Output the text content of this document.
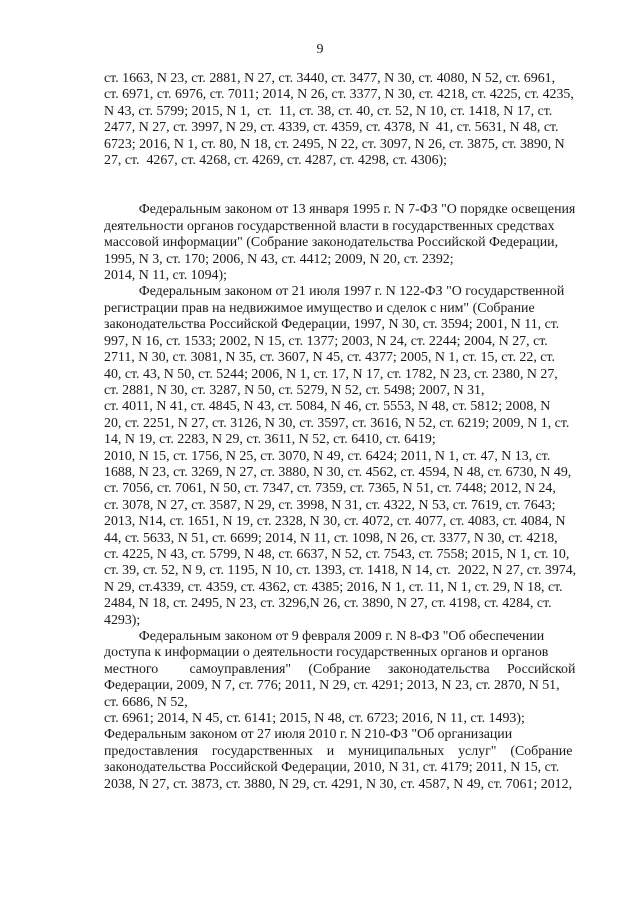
9
ст. 1663, N 23, ст. 2881, N 27, ст. 3440, ст. 3477, N 30, ст. 4080, N 52, ст. 6961,
ст. 6971, ст. 6976, ст. 7011; 2014, N 26, ст. 3377, N 30, ст. 4218, ст. 4225, ст. 4235,
N 43, ст. 5799; 2015, N 1,  ст.  11, ст. 38, ст. 40, ст. 52, N 10, ст. 1418, N 17, ст.
2477, N 27, ст. 3997, N 29, ст. 4339, ст. 4359, ст. 4378, N  41, ст. 5631, N 48, ст.
6723; 2016, N 1, ст. 80, N 18, ст. 2495, N 22, ст. 3097, N 26, ст. 3875, ст. 3890, N
27, ст.  4267, ст. 4268, ст. 4269, ст. 4287, ст. 4298, ст. 4306);
Федеральным законом от 13 января 1995 г. N 7-ФЗ "О порядке освещения
деятельности органов государственной власти в государственных средствах
массовой информации" (Собрание законодательства Российской Федерации,
1995, N 3, ст. 170; 2006, N 43, ст. 4412; 2009, N 20, ст. 2392;
2014, N 11, ст. 1094);
Федеральным законом от 21 июля 1997 г. N 122-ФЗ "О государственной
регистрации прав на недвижимое имущество и сделок с ним" (Собрание
законодательства Российской Федерации, 1997, N 30, ст. 3594; 2001, N 11, ст.
997, N 16, ст. 1533; 2002, N 15, ст. 1377; 2003, N 24, ст. 2244; 2004, N 27, ст.
2711, N 30, ст. 3081, N 35, ст. 3607, N 45, ст. 4377; 2005, N 1, ст. 15, ст. 22, ст.
40, ст. 43, N 50, ст. 5244; 2006, N 1, ст. 17, N 17, ст. 1782, N 23, ст. 2380, N 27,
ст. 2881, N 30, ст. 3287, N 50, ст. 5279, N 52, ст. 5498; 2007, N 31,
ст. 4011, N 41, ст. 4845, N 43, ст. 5084, N 46, ст. 5553, N 48, ст. 5812; 2008, N
20, ст. 2251, N 27, ст. 3126, N 30, ст. 3597, ст. 3616, N 52, ст. 6219; 2009, N 1, ст.
14, N 19, ст. 2283, N 29, ст. 3611, N 52, ст. 6410, ст. 6419;
2010, N 15, ст. 1756, N 25, ст. 3070, N 49, ст. 6424; 2011, N 1, ст. 47, N 13, ст.
1688, N 23, ст. 3269, N 27, ст. 3880, N 30, ст. 4562, ст. 4594, N 48, ст. 6730, N 49,
ст. 7056, ст. 7061, N 50, ст. 7347, ст. 7359, ст. 7365, N 51, ст. 7448; 2012, N 24,
ст. 3078, N 27, ст. 3587, N 29, ст. 3998, N 31, ст. 4322, N 53, ст. 7619, ст. 7643;
2013, N14, ст. 1651, N 19, ст. 2328, N 30, ст. 4072, ст. 4077, ст. 4083, ст. 4084, N
44, ст. 5633, N 51, ст. 6699; 2014, N 11, ст. 1098, N 26, ст. 3377, N 30, ст. 4218,
ст. 4225, N 43, ст. 5799, N 48, ст. 6637, N 52, ст. 7543, ст. 7558; 2015, N 1, ст. 10,
ст. 39, ст. 52, N 9, ст. 1195, N 10, ст. 1393, ст. 1418, N 14, ст.  2022, N 27, ст. 3974,
N 29, ст.4339, ст. 4359, ст. 4362, ст. 4385; 2016, N 1, ст. 11, N 1, ст. 29, N 18, ст.
2484, N 18, ст. 2495, N 23, ст. 3296,N 26, ст. 3890, N 27, ст. 4198, ст. 4284, ст.
4293);
Федеральным законом от 9 февраля 2009 г. N 8-ФЗ "Об обеспечении
доступа к информации о деятельности государственных органов и органов
местного         самоуправления"     (Собрание     законодательства     Российской
Федерации, 2009, N 7, ст. 776; 2011, N 29, ст. 4291; 2013, N 23, ст. 2870, N 51,
ст. 6686, N 52,
ст. 6961; 2014, N 45, ст. 6141; 2015, N 48, ст. 6723; 2016, N 11, ст. 1493);
Федеральным законом от 27 июля 2010 г. N 210-ФЗ "Об организации
предоставления    государственных    и    муниципальных    услуг"    (Собрание
законодательства Российской Федерации, 2010, N 31, ст. 4179; 2011, N 15, ст.
2038, N 27, ст. 3873, ст. 3880, N 29, ст. 4291, N 30, ст. 4587, N 49, ст. 7061; 2012,
